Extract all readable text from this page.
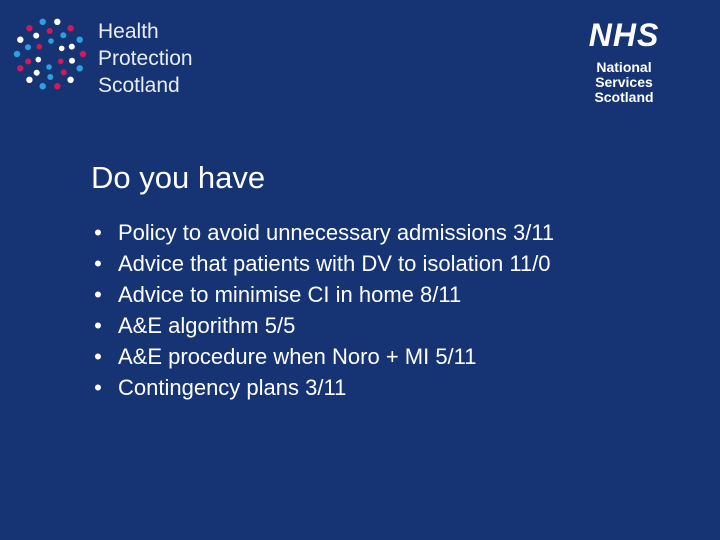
Health
Protection
Scotland
NHS
National
Services
Scotland
Do you have
• Policy to avoid unnecessary admissions 3/11
• Advice that patients with DV to isolation 11/0
• Advice to minimise CI in home 8/11
• A&E algorithm 5/5
• A&E procedure when Noro + MI 5/11
• Contingency plans 3/11
